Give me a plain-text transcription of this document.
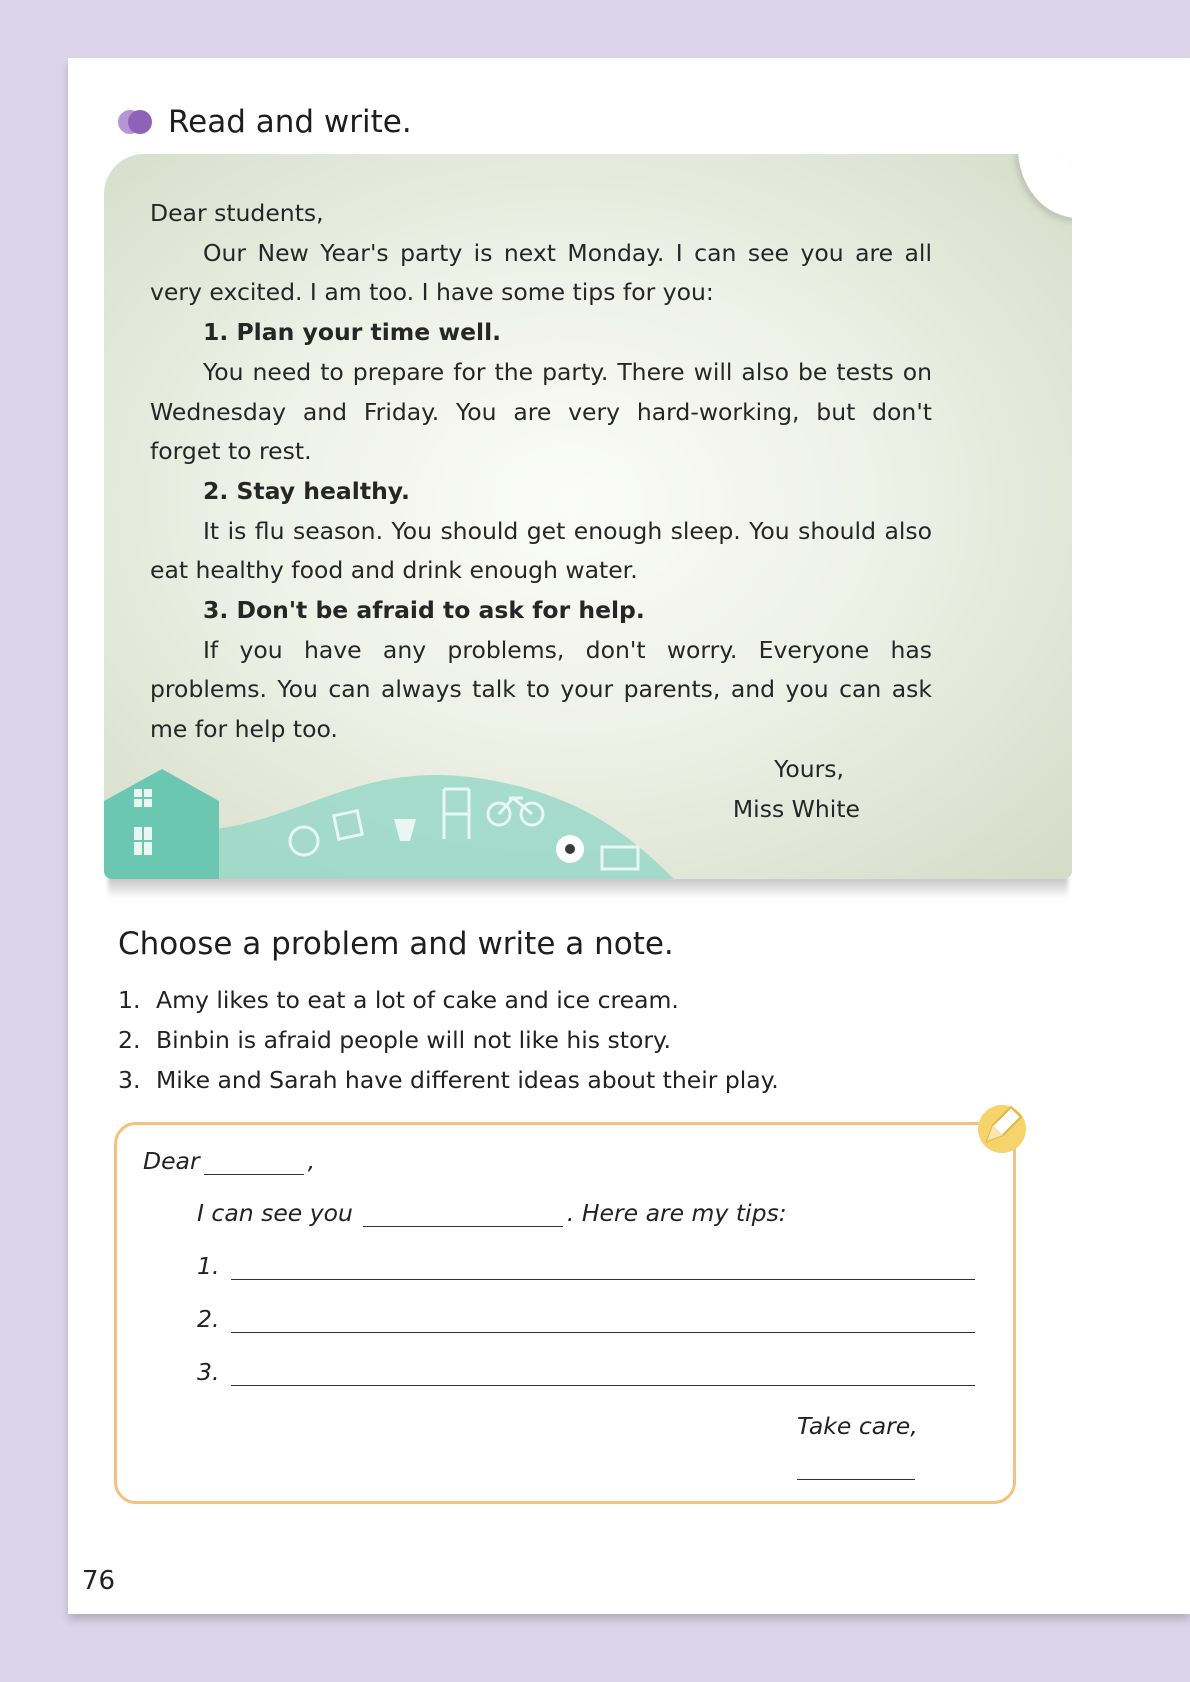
Read and write.

Dear students,

Our New Year's party is next Monday. I can see you are all very excited. I am too. I have some tips for you:

1. Plan your time well.

You need to prepare for the party. There will also be tests on Wednesday and Friday. You are very hard-working, but don't forget to rest.

2. Stay healthy.

It is flu season. You should get enough sleep. You should also eat healthy food and drink enough water.

3. Don't be afraid to ask for help.

If you have any problems, don't worry. Everyone has problems. You can always talk to your parents, and you can ask me for help too.

Yours,
Miss White
Choose a problem and write a note.
1. Amy likes to eat a lot of cake and ice cream.
2. Binbin is afraid people will not like his story.
3. Mike and Sarah have different ideas about their play.
Dear	,
I can see you	. Here are my tips:
1.
2.
3.
Take care,
76
